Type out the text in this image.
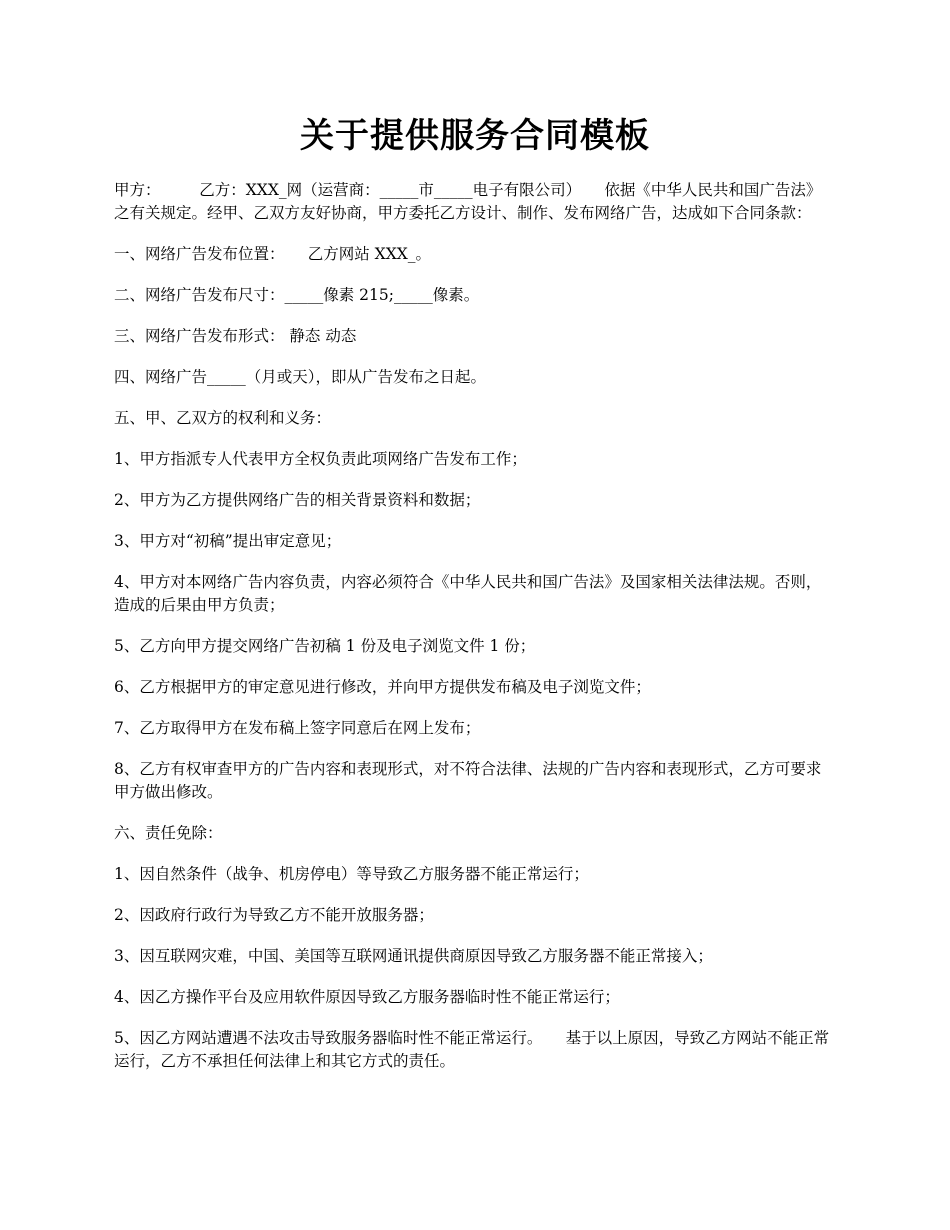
关于提供服务合同模板

甲方：　　　乙方：XXX_网（运营商：_____市_____电子有限公司）　　依据《中华人民共和国广告法》之有关规定。经甲、乙双方友好协商，甲方委托乙方设计、制作、发布网络广告，达成如下合同条款：

一、网络广告发布位置：　　乙方网站 XXX_。

二、网络广告发布尺寸：_____像素 215;_____像素。

三、网络广告发布形式： 静态 动态

四、网络广告_____（月或天），即从广告发布之日起。

五、甲、乙双方的权利和义务：

1、甲方指派专人代表甲方全权负责此项网络广告发布工作；

2、甲方为乙方提供网络广告的相关背景资料和数据；

3、甲方对“初稿”提出审定意见；

4、甲方对本网络广告内容负责，内容必须符合《中华人民共和国广告法》及国家相关法律法规。否则，造成的后果由甲方负责；

5、乙方向甲方提交网络广告初稿 1 份及电子浏览文件 1 份；

6、乙方根据甲方的审定意见进行修改，并向甲方提供发布稿及电子浏览文件；

7、乙方取得甲方在发布稿上签字同意后在网上发布；

8、乙方有权审查甲方的广告内容和表现形式，对不符合法律、法规的广告内容和表现形式，乙方可要求甲方做出修改。

六、责任免除：

1、因自然条件（战争、机房停电）等导致乙方服务器不能正常运行；

2、因政府行政行为导致乙方不能开放服务器；

3、因互联网灾难，中国、美国等互联网通讯提供商原因导致乙方服务器不能正常接入；

4、因乙方操作平台及应用软件原因导致乙方服务器临时性不能正常运行；

5、因乙方网站遭遇不法攻击导致服务器临时性不能正常运行。　　基于以上原因，导致乙方网站不能正常运行，乙方不承担任何法律上和其它方式的责任。
